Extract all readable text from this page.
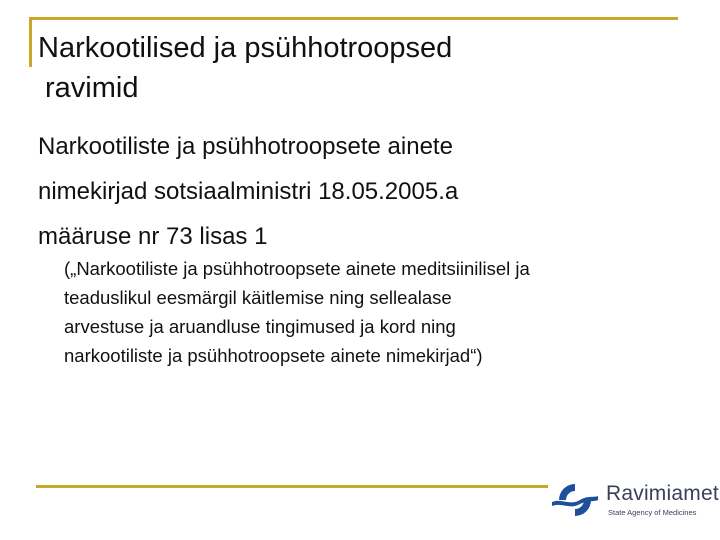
Narkootilised ja psühhotroopsed
ravimid
Narkootiliste ja psühhotroopsete ainete
nimekirjad sotsiaalministri 18.05.2005.a
määruse nr 73 lisas 1
(„Narkootiliste ja psühhotroopsete ainete meditsiinilisel ja
teaduslikul eesmärgil käitlemise ning sellealase
arvestuse ja aruandluse tingimused ja kord ning
narkootiliste ja psühhotroopsete ainete nimekirjad“)
Ravimiamet
State Agency of Medicines
